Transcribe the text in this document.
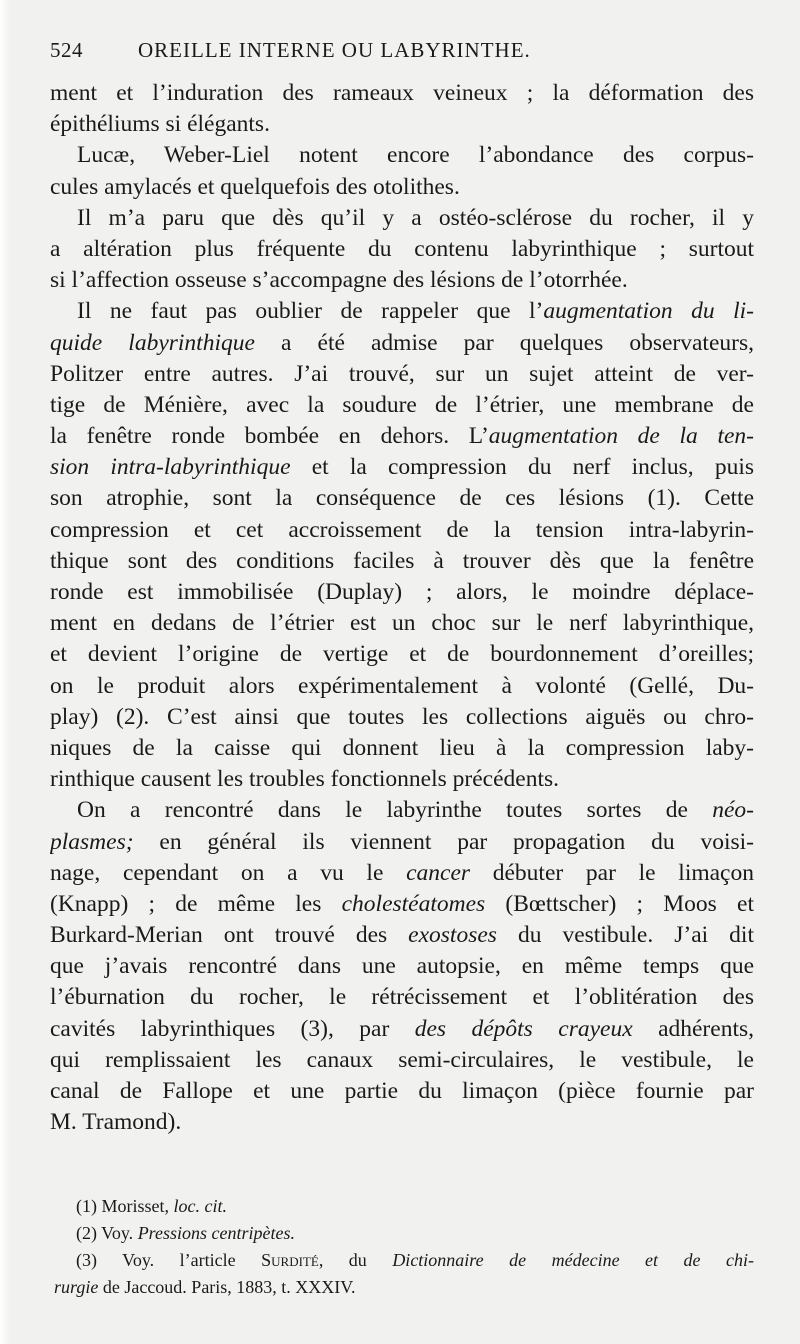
524	OREILLE INTERNE OU LABYRINTHE.
ment et l’induration des rameaux veineux ; la déformation des
épithéliums si élégants.
Lucæ, Weber-Liel notent encore l’abondance des corpus-
cules amylacés et quelquefois des otolithes.
Il m’a paru que dès qu’il y a ostéo-sclérose du rocher, il y
a altération plus fréquente du contenu labyrinthique ; surtout
si l’affection osseuse s’accompagne des lésions de l’otorrhée.
Il ne faut pas oublier de rappeler que l’augmentation du li-
quide labyrinthique a été admise par quelques observateurs,
Politzer entre autres. J’ai trouvé, sur un sujet atteint de ver-
tige de Ménière, avec la soudure de l’étrier, une membrane de
la fenêtre ronde bombée en dehors. L’augmentation de la ten-
sion intra-labyrinthique et la compression du nerf inclus, puis
son atrophie, sont la conséquence de ces lésions (1). Cette
compression et cet accroissement de la tension intra-labyrin-
thique sont des conditions faciles à trouver dès que la fenêtre
ronde est immobilisée (Duplay) ; alors, le moindre déplace-
ment en dedans de l’étrier est un choc sur le nerf labyrinthique,
et devient l’origine de vertige et de bourdonnement d’oreilles;
on le produit alors expérimentalement à volonté (Gellé, Du-
play) (2). C’est ainsi que toutes les collections aiguës ou chro-
niques de la caisse qui donnent lieu à la compression laby-
rinthique causent les troubles fonctionnels précédents.
On a rencontré dans le labyrinthe toutes sortes de néo-
plasmes; en général ils viennent par propagation du voisi-
nage, cependant on a vu le cancer débuter par le limaçon
(Knapp) ; de même les cholestéatomes (Bœttscher) ; Moos et
Burkard-Merian ont trouvé des exostoses du vestibule. J’ai dit
que j’avais rencontré dans une autopsie, en même temps que
l’éburnation du rocher, le rétrécissement et l’oblitération des
cavités labyrinthiques (3), par des dépôts crayeux adhérents,
qui remplissaient les canaux semi-circulaires, le vestibule, le
canal de Fallope et une partie du limaçon (pièce fournie par
M. Tramond).
(1) Morisset, loc. cit.
(2) Voy. Pressions centripètes.
(3) Voy. l’article Surdité, du Dictionnaire de médecine et de chi-
rurgie de Jaccoud. Paris, 1883, t. XXXIV.
